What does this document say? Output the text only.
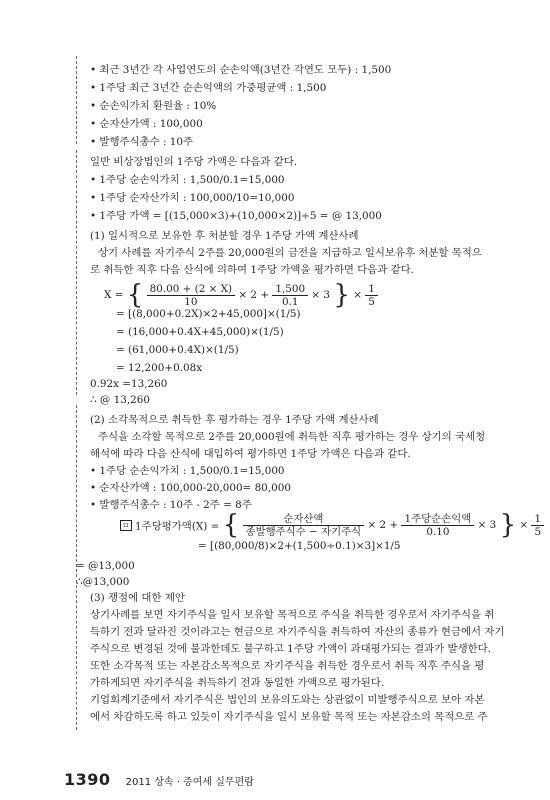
• 최근 3년간 각 사업연도의 순손익액(3년간 각연도 모두) : 1,500
• 1주당 최근 3년간 순손익액의 가중평균액 : 1,500
• 순손익가치 환원율 : 10%
• 순자산가액 : 100,000
• 발행주식총수 : 10주
일반 비상장법인의 1주당 가액은 다음과 같다.
• 1주당 순손익가치 : 1,500/0.1=15,000
• 1주당 순자산가치 : 100,000/10=10,000
• 1주당 가액 = [(15,000×3)+(10,000×2)]÷5 = @ 13,000
(1) 일시적으로 보유한 후 처분할 경우 1주당 가액 계산사례
상기 사례를 자기주식 2주를 20,000원의 금전을 지급하고 일시보유후 처분할 목적으
로 취득한 직후 다음 산식에 의하여 1주당 가액을 평가하면 다음과 같다.
X = { $\frac{80.00 + (2 \times X)}{10} \times 2 + \frac{1,500}{0.1} \times 3$ } × $\frac{1}{5}$
= [(8,000+0.2X)×2+45,000]×(1/5)
= (16,000+0.4X+45,000)×(1/5)
= (61,000+0.4X)×(1/5)
= 12,200+0.08x
0.92x =13,260
∴ @ 13,260
(2) 소각목적으로 취득한 후 평가하는 경우 1주당 가액 계산사례
주식을 소각할 목적으로 2주를 20,000원에 취득한 직후 평가하는 경우 상기의 국세청
해석에 따라 다음 산식에 대입하여 평가하면 1주당 가액은 다음과 같다.
• 1주당 순손익가치 : 1,500/0.1=15,000
• 순자산가액 : 100,000-20,000= 80,000
• 발행주식총수 : 10주 - 2주 = 8주
ㅁ 1주당평가액(X) = { $\frac{\text{순자산액}}{\text{종발행주식수 − 자기주식}} \times 2 + \frac{\text{1주당순손익액}}{0.10} \times 3$ } × $\frac{1}{5}$
= [(80,000/8)×2+(1,500÷0.1)×3]×1/5
= @13,000
∴@13,000
(3) 쟁점에 대한 제안
상기사례를 보면 자기주식을 일시 보유할 목적으로 주식을 취득한 경우로서 자기주식을 취
득하기 전과 달라진 것이라고는 현금으로 자기주식을 취득하여 자산의 종류가 현금에서 자기
주식으로 변경된 것에 불과한데도 불구하고 1주당 가액이 과대평가되는 결과가 발생한다.
또한 소각목적 또는 자본감소목적으로 자기주식을 취득한 경우로서 취득 직후 주식을 평
가하게되면 자기주식을 취득하기 전과 동일한 가액으로 평가된다.
기업회계기준에서 자기주식은 법인의 보유의도와는 상관없이 미발행주식으로 보아 자본
에서 차감하도록 하고 있듯이 자기주식을 일시 보유할 목적 또는 자본감소의 목적으로 주
1390 2011 상속 · 증여세 실무편람
